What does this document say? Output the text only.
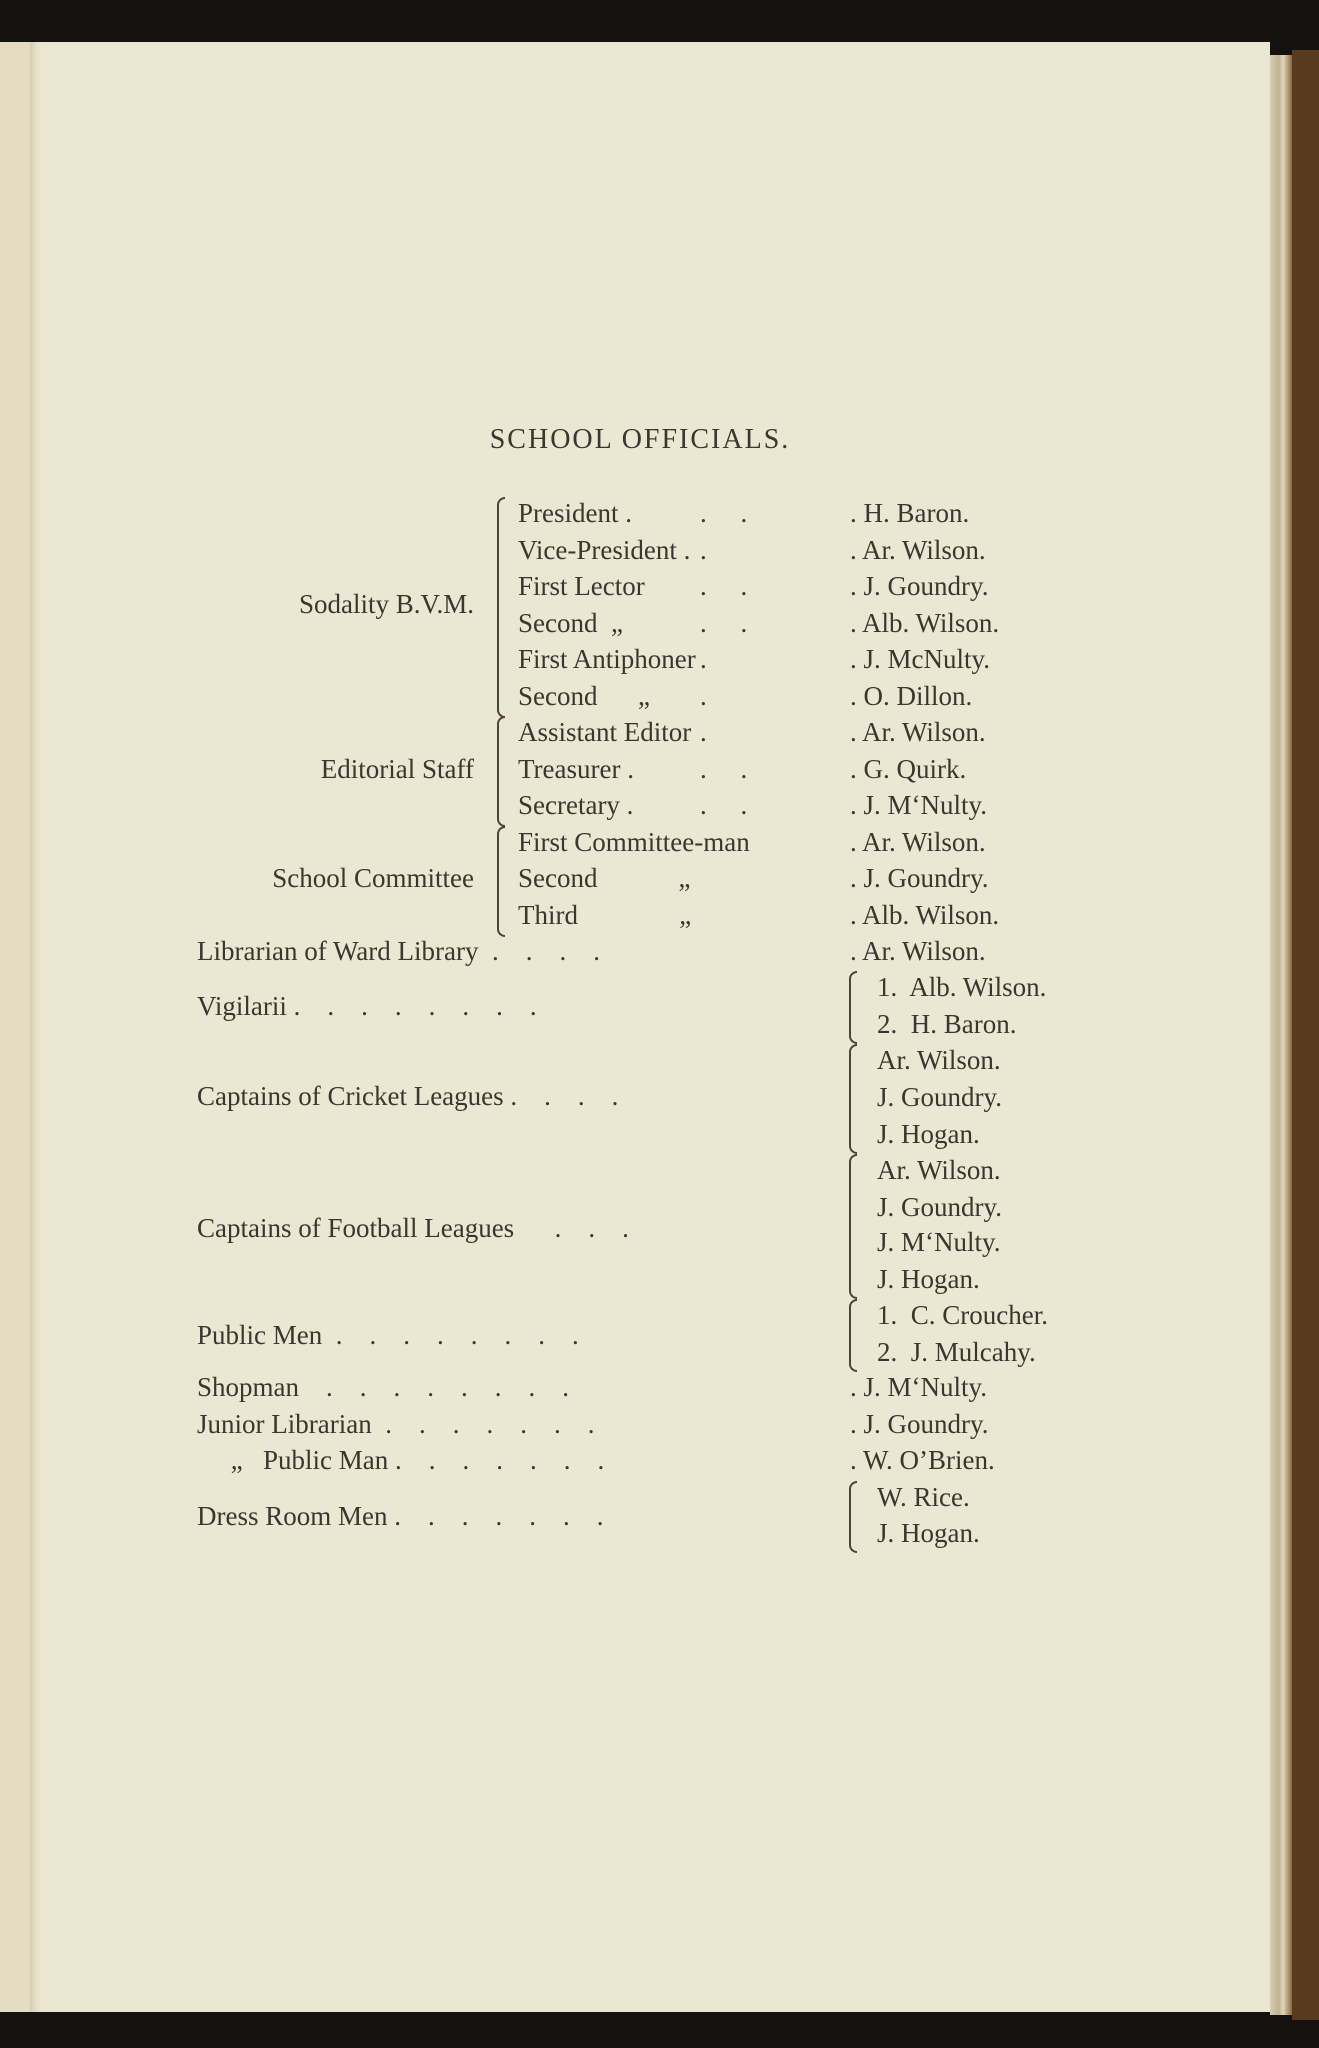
SCHOOL OFFICIALS.
President .	.     .	. H. Baron.
Vice-President . .	. Ar. Wilson.
First Lector .     .	. J. Goundry.
Second  „	.     .	. Alb. Wilson.
First Antiphoner .	. J. McNulty.
Second      „ .	. O. Dillon.
Sodality B.V.M.
Assistant Editor .	. Ar. Wilson.
Treasurer . .     .	. G. Quirk.
Secretary . .     .	. J. M‘Nulty.
Editorial Staff
First Committee-man	. Ar. Wilson.
Second            „	. J. Goundry.
Third               „	. Alb. Wilson.
School Committee
Librarian of Ward Library  .    .    .    .	. Ar. Wilson.
Vigilarii .    .    .    .    .    .    .    .
1.  Alb. Wilson.
2.  H. Baron.
Captains of Cricket Leagues .    .    .    .
Ar. Wilson.
J. Goundry.
J. Hogan.
Captains of Football Leagues      .    .    .
Ar. Wilson.
J. Goundry.
J. M‘Nulty.
J. Hogan.
Public Men  .    .    .    .    .    .    .    .
1.  C. Croucher.
2.  J. Mulcahy.
Shopman    .    .    .    .    .    .    .    .	. J. M‘Nulty.
Junior Librarian  .    .    .    .    .    .    .	. J. Goundry.
„   Public Man .    .    .    .    .    .    .	. W. O’Brien.
Dress Room Men .    .    .    .    .    .    .
W. Rice.
J. Hogan.
